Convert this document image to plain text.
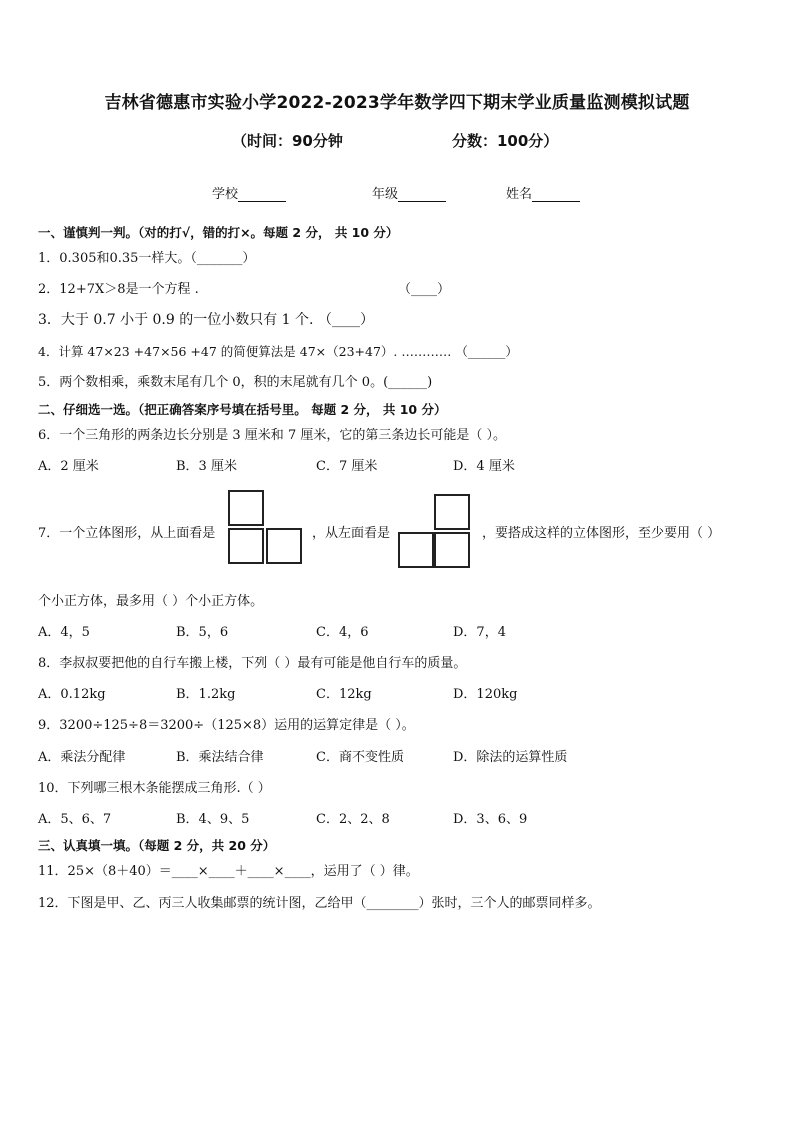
吉林省德惠市实验小学2022-2023学年数学四下期末学业质量监测模拟试题
（时间：90分钟	分数：100分）
学校	年级	姓名
一、谨慎判一判。（对的打√，错的打×。每题 2 分， 共 10 分）
1．0.305和0.35一样大。（_______）
2．12+7X＞8是一个方程 .	（____）
3．大于 0.7 小于 0.9 的一位小数只有 1 个. （____）
4．计算 47×23 +47×56 +47 的简便算法是 47×（23+47）. ………… （______）
5．两个数相乘，乘数末尾有几个 0，积的末尾就有几个 0。(______)
二、仔细选一选。（把正确答案序号填在括号里。 每题 2 分， 共 10 分）
6．一个三角形的两条边长分别是 3 厘米和 7 厘米，它的第三条边长可能是（ ）。
A．2 厘米	B．3 厘米	C．7 厘米	D．4 厘米
7．一个立体图形，从上面看是	，从左面看是	，要搭成这样的立体图形，至少要用（ ）
个小正方体，最多用（ ）个小正方体。
A．4，5	B．5，6	C．4，6	D．7，4
8．李叔叔要把他的自行车搬上楼，下列（ ）最有可能是他自行车的质量。
A．0.12kg	B．1.2kg	C．12kg	D．120kg
9．3200÷125÷8＝3200÷（125×8）运用的运算定律是（ ）。
A．乘法分配律	B．乘法结合律	C．商不变性质	D．除法的运算性质
10．下列哪三根木条能摆成三角形.（ ）
A．5、6、7	B．4、9、5	C．2、2、8	D．3、6、9
三、认真填一填。（每题 2 分，共 20 分）
11．25×（8＋40）＝____×____＋____×____，运用了（ ）律。
12．下图是甲、乙、丙三人收集邮票的统计图，乙给甲（________）张时，三个人的邮票同样多。
